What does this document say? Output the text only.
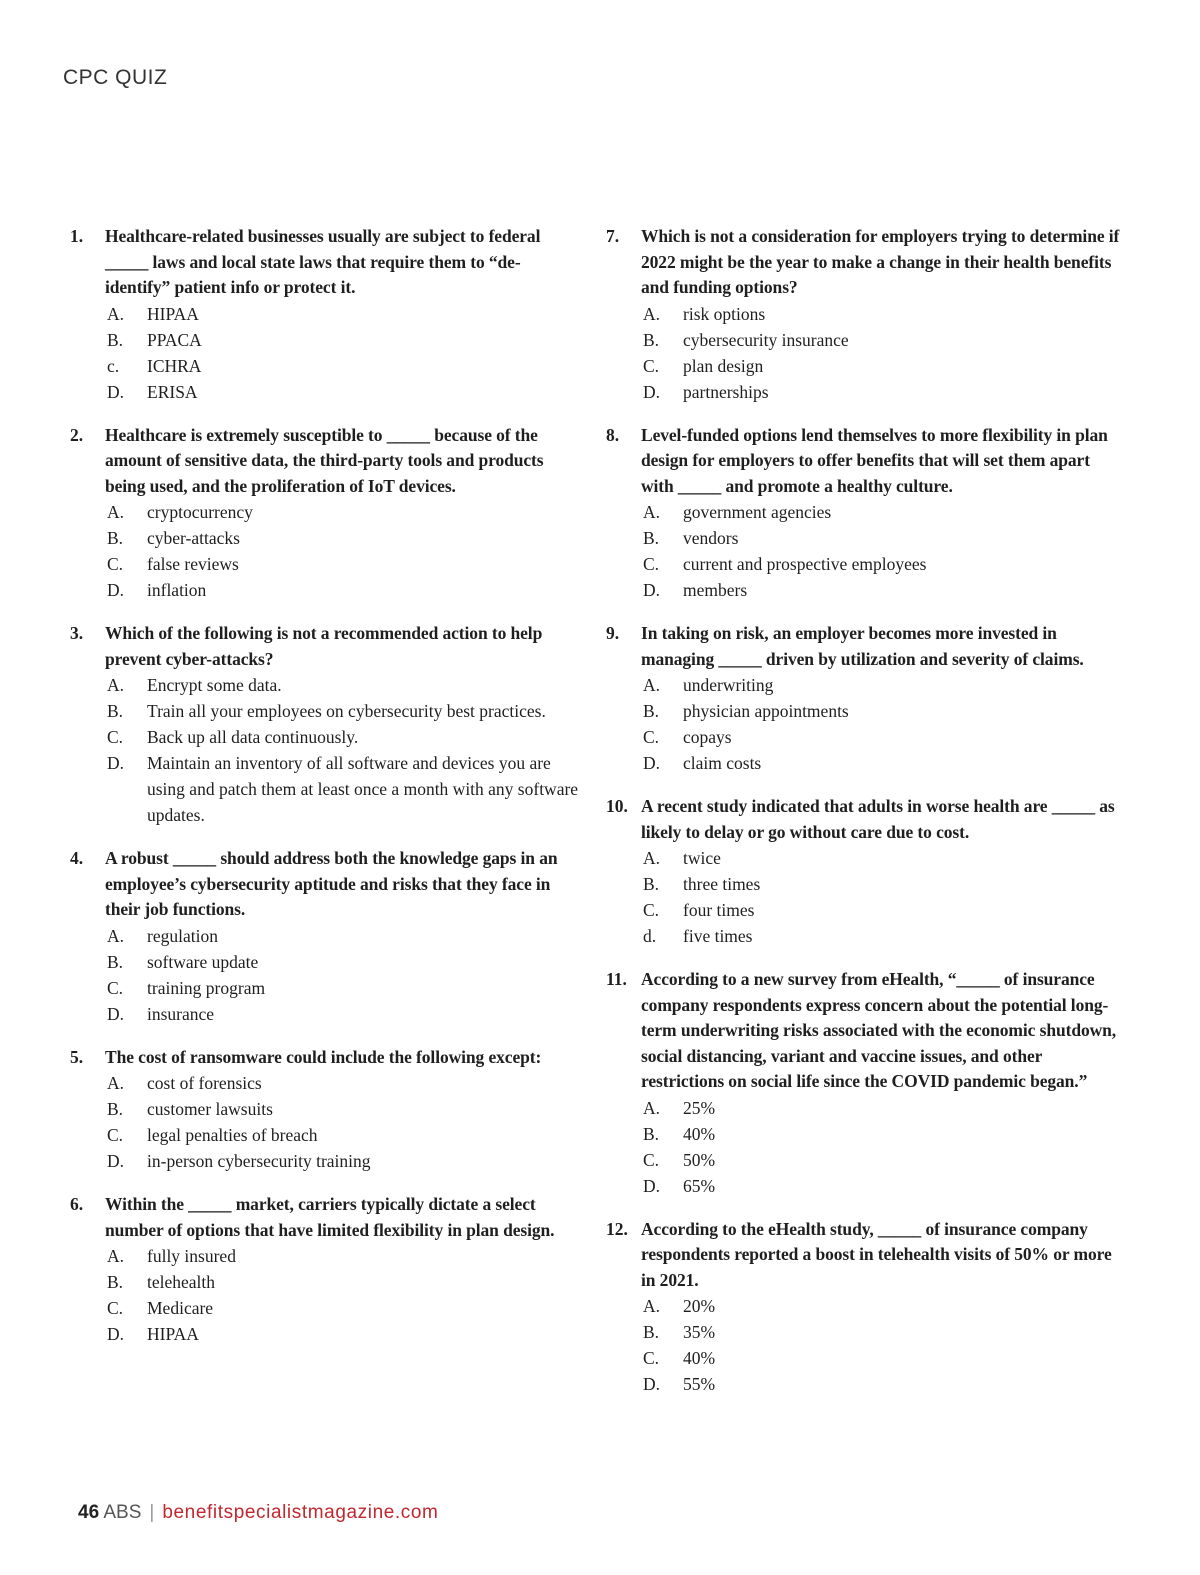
CPC QUIZ
1. Healthcare-related businesses usually are subject to federal _____ laws and local state laws that require them to “de-identify” patient info or protect it.
A. HIPAA
B. PPACA
c. ICHRA
D. ERISA
2. Healthcare is extremely susceptible to _____ because of the amount of sensitive data, the third-party tools and products being used, and the proliferation of IoT devices.
A. cryptocurrency
B. cyber-attacks
C. false reviews
D. inflation
3. Which of the following is not a recommended action to help prevent cyber-attacks?
A. Encrypt some data.
B. Train all your employees on cybersecurity best practices.
C. Back up all data continuously.
D. Maintain an inventory of all software and devices you are using and patch them at least once a month with any software updates.
4. A robust _____ should address both the knowledge gaps in an employee’s cybersecurity aptitude and risks that they face in their job functions.
A. regulation
B. software update
C. training program
D. insurance
5. The cost of ransomware could include the following except:
A. cost of forensics
B. customer lawsuits
C. legal penalties of breach
D. in-person cybersecurity training
6. Within the _____ market, carriers typically dictate a select number of options that have limited flexibility in plan design.
A. fully insured
B. telehealth
C. Medicare
D. HIPAA
7. Which is not a consideration for employers trying to determine if 2022 might be the year to make a change in their health benefits and funding options?
A. risk options
B. cybersecurity insurance
C. plan design
D. partnerships
8. Level-funded options lend themselves to more flexibility in plan design for employers to offer benefits that will set them apart with _____ and promote a healthy culture.
A. government agencies
B. vendors
C. current and prospective employees
D. members
9. In taking on risk, an employer becomes more invested in managing _____ driven by utilization and severity of claims.
A. underwriting
B. physician appointments
C. copays
D. claim costs
10. A recent study indicated that adults in worse health are _____ as likely to delay or go without care due to cost.
A. twice
B. three times
C. four times
d. five times
11. According to a new survey from eHealth, “_____ of insurance company respondents express concern about the potential long-term underwriting risks associated with the economic shutdown, social distancing, variant and vaccine issues, and other restrictions on social life since the COVID pandemic began.”
A. 25%
B. 40%
C. 50%
D. 65%
12. According to the eHealth study, _____ of insurance company respondents reported a boost in telehealth visits of 50% or more in 2021.
A. 20%
B. 35%
C. 40%
D. 55%
46 ABS | benefitspecialistmagazine.com
